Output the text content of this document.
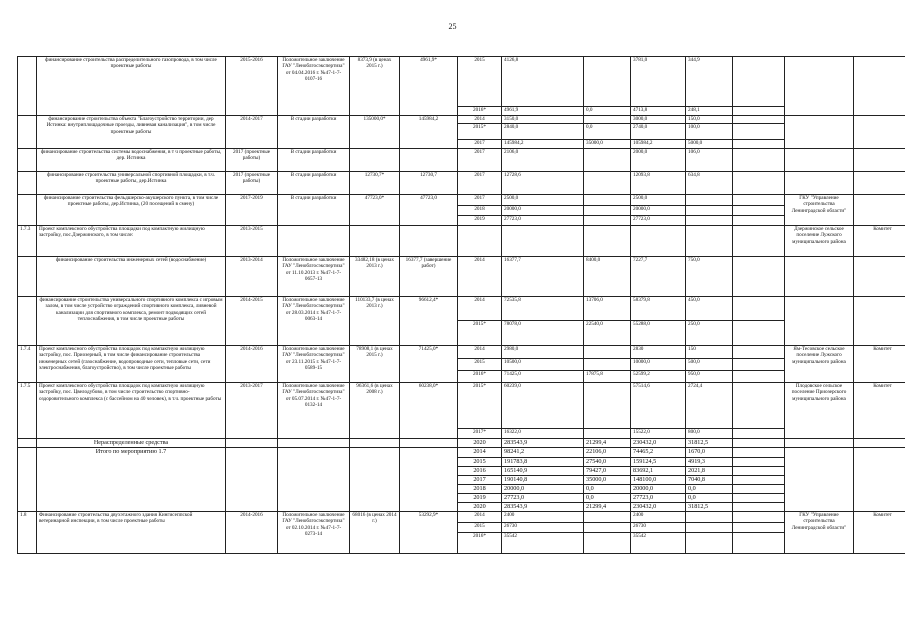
25
	финансирование строительства распределительного газопровода, в том числе проектные работы	2015-2016	Положительное заключение ГАУ "Леноблгосэкспертиза" от 04.04.2016 г. №47-1-7-0107-16	8373,9 (в ценах 2015 г.)	4961,9*	2015	4126,8		3781,0	344,9			
						2016*	4961,9	0,0	4713,8	248,1			
	финансирование строительства объекта "Благоустройство территории, дер Истинка: внутриплощадочные проезды, ливневая канализация", в том числе проектные работы	2014-2017	В стадии разработки	135000,0*	145984,2	2014	3150,0		3000,0	150,0			
						2015*	2840,0	0,0	2740,0	100,0			
						2017	145984,2	35000,0	105984,2	5000,0			
	финансирование строительства системы водоснабжения, в т ч проектные работы, дер. Истинка	2017 (проектные работы)	В стадии разработки			2017	2106,0		2000,0	106,0			
	финансирование строительства универсальной спортивной площадки, в т.ч. проектные работы, дер.Истинка	2017 (проектные работы)	В стадии разработки	12730,7*	12730,7	2017	12728,6		12093,8	634,8			
	финансирование строительства фельдшерско-акушерского пункта, в том числе проектные работы, дер.Истинка, (20 посещений в смену)	2017-2019	В стадии разработки	47723,0*	47723,0	2017	2500,0		2500,0			ГКУ "Управление строительства Ленинградской области"	
						2018	20000,0		20000,0				
						2019	27723,0		27723,0				
1.7.3	Проект комплексного обустройства площадки под компактную жилищную застройку, пос.Дзержинского, в том числе:	2013-2015										Дзержинское сельское поселение Лужского муниципального района	Комитет
	финансирование строительства инженерных сетей (водоснабжение)	2013-2014	Положительное заключение ГАУ "Леноблгосэкспертиза" от 11.10.2013 г. №47-1-7-0657-13	33482,18 (в ценах 2013 г.)	16377,7 (завершение работ)	2014	16377,7	8400,0	7227,7	750,0			
	финансирование строительства универсального спортивного комплекса с игровым залом, в том числе устройство ограждений спортивного комплекса, ливневой канализации для спортивного комплекса, ремонт подводящих сетей теплоснабжения, в том числе проектные работы	2014-2015	Положительное заключение ГАУ "Леноблгосэкспертиза" от 28.03.2014 г. №47-1-7-0063-14	110133,7 (в ценах 2013 г.)	96612,4*	2014	72535,8	13706,0	58379,8	450,0			
						2015*	78078,0	22540,0	55288,0	250,0			
1.7.4	Проект комплексного обустройства площадок под компактную жилищную застройку, пос. Приозерный, в том числе финансирование строительства инженерных сетей (газоснабжение, водопроводные сети, тепловые сети, сети электроснабжения, благоустройство), в том числе проектные работы	2014-2016	Положительное заключение ГАУ "Леноблгосэкспертиза" от 23.11.2015 г. №47-1-7-0589-15	78908,1 (в ценах 2015 г.)	71425,0*	2014	2980,0		2830	150		Ям-Тесовское сельское поселение Лужского муниципального района	Комитет
						2015	10500,0		10000,0	500,0			
						2016*	71425,0	17875,8	52599,2	950,0			
1.7.5	Проект комплексного обустройства площадок под компактную жилищную застройку, пос. Цвелодубово, в том числе строительство спортивно-оздоровительного комплекса (с бассейном на 40 человек), в т.ч. проектные работы	2013-2017	Положительное заключение ГАУ "Леноблгосэкспертиза" от 05.07.2014 г. №47-1-7-0132-14	96361,6 (в ценах 2008 г.)	60238,0*	2015*	60239,0		57514,6	2724,4		Плодовское сельское поселение Приозерского муниципального района	Комитет
						2017*	16322,0		15522,0	800,0			
	Нераспределенные средства					2020	283543,9	21299,4	230432,0	31812,5			
	Итого по мероприятию 1.7					2014	98241,2	22106,0	74465,2	1670,0			
						2015	191783,8	27540,0	159124,5	4919,3			
						2016	165140,9	79427,0	83692,1	2021,8			
						2017	190140,8	35000,0	148100,0	7040,8			
						2018	20000,0	0,0	20000,0	0,0			
						2019	27723,0	0,0	27723,0	0,0			
						2020	283543,9	21299,4	230432,0	31812,5			
1.8	Финансирование строительства двухэтажного здания Кингисеппской ветеринарной инспекции, в том числе проектные работы	2014-2016	Положительное заключение ГАУ "Леноблгосэкспертиза" от 02.10.2014 г. №47-1-7-0273-14	68016 (в ценах 2014 г.)	53292,9*	2014	2400		2400			ГКУ "Управление строительства Ленинградской области"	Комитет
						2015	26730		26730				
						2016*	35542		35542				
